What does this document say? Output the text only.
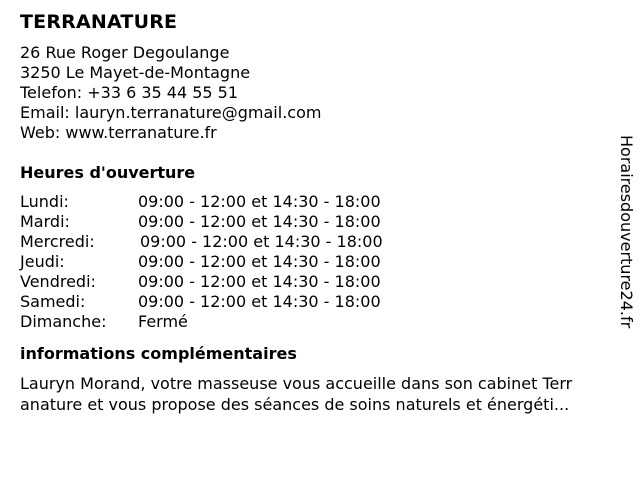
TERRANATURE
26 Rue Roger Degoulange
3250 Le Mayet-de-Montagne
Telefon: +33 6 35 44 55 51
Email: lauryn.terranature@gmail.com
Web: www.terranature.fr
Heures d'ouverture
Lundi:	09:00 - 12:00 et 14:30 - 18:00
Mardi:	09:00 - 12:00 et 14:30 - 18:00
Mercredi:	09:00 - 12:00 et 14:30 - 18:00
Jeudi:	09:00 - 12:00 et 14:30 - 18:00
Vendredi:	09:00 - 12:00 et 14:30 - 18:00
Samedi:	09:00 - 12:00 et 14:30 - 18:00
Dimanche:	Fermé
informations complémentaires
Lauryn Morand, votre masseuse vous accueille dans son cabinet Terr
anature et vous propose des séances de soins naturels et énergéti...
Horairesdouverture24.fr
